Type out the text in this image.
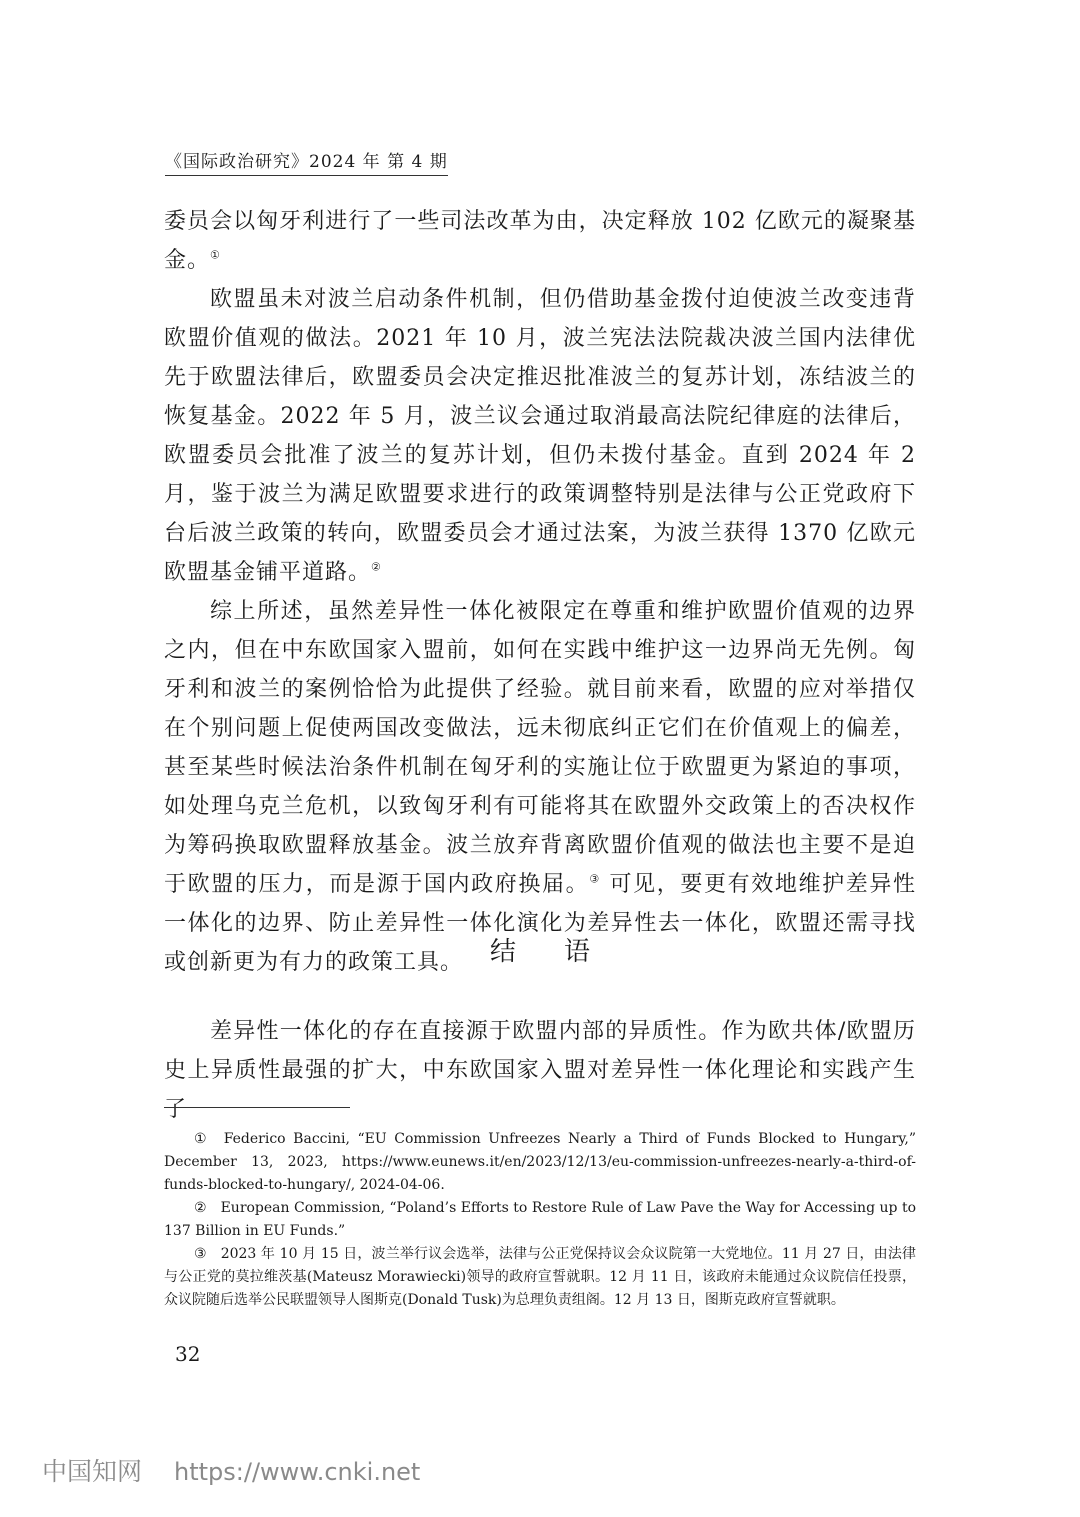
《国际政治研究》2024 年 第 4 期

委员会以匈牙利进行了一些司法改革为由，决定释放 102 亿欧元的凝聚基金。①

欧盟虽未对波兰启动条件机制，但仍借助基金拨付迫使波兰改变违背欧盟价值观的做法。2021 年 10 月，波兰宪法法院裁决波兰国内法律优先于欧盟法律后，欧盟委员会决定推迟批准波兰的复苏计划，冻结波兰的恢复基金。2022 年 5 月，波兰议会通过取消最高法院纪律庭的法律后，欧盟委员会批准了波兰的复苏计划，但仍未拨付基金。直到 2024 年 2 月，鉴于波兰为满足欧盟要求进行的政策调整特别是法律与公正党政府下台后波兰政策的转向，欧盟委员会才通过法案，为波兰获得 1370 亿欧元欧盟基金铺平道路。②

综上所述，虽然差异性一体化被限定在尊重和维护欧盟价值观的边界之内，但在中东欧国家入盟前，如何在实践中维护这一边界尚无先例。匈牙利和波兰的案例恰恰为此提供了经验。就目前来看，欧盟的应对举措仅在个别问题上促使两国改变做法，远未彻底纠正它们在价值观上的偏差，甚至某些时候法治条件机制在匈牙利的实施让位于欧盟更为紧迫的事项，如处理乌克兰危机，以致匈牙利有可能将其在欧盟外交政策上的否决权作为筹码换取欧盟释放基金。波兰放弃背离欧盟价值观的做法也主要不是迫于欧盟的压力，而是源于国内政府换届。③ 可见，要更有效地维护差异性一体化的边界、防止差异性一体化演化为差异性去一体化，欧盟还需寻找或创新更为有力的政策工具。	结语

差异性一体化的存在直接源于欧盟内部的异质性。作为欧共体/欧盟历史上异质性最强的扩大，中东欧国家入盟对差异性一体化理论和实践产生了

① Federico Baccini, “EU Commission Unfreezes Nearly a Third of Funds Blocked to Hungary,” December 13, 2023, https://www.eunews.it/en/2023/12/13/eu-commission-unfreezes-nearly-a-third-of-funds-blocked-to-hungary/, 2024-04-06.

② European Commission, “Poland’s Efforts to Restore Rule of Law Pave the Way for Accessing up to 137 Billion in EU Funds.”

③ 2023 年 10 月 15 日，波兰举行议会选举，法律与公正党保持议会众议院第一大党地位。11 月 27 日，由法律与公正党的莫拉维茨基(Mateusz Morawiecki)领导的政府宣誓就职。12 月 11 日，该政府未能通过众议院信任投票，众议院随后选举公民联盟领导人图斯克(Donald Tusk)为总理负责组阁。12 月 13 日，图斯克政府宣誓就职。

32
中国知网 https://www.cnki.net
